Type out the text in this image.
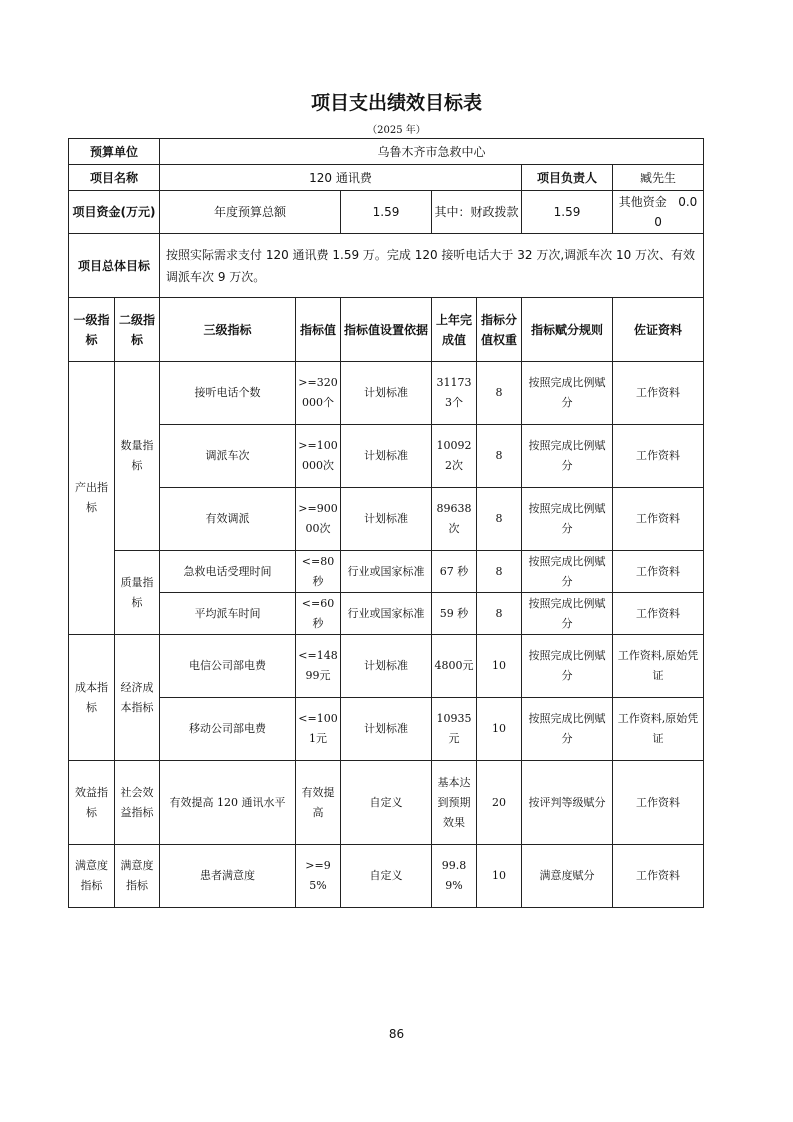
项目支出绩效目标表
（2025 年）
预算单位		乌鲁木齐市急救中心						
项目名称		120 通讯费					项目负责人	臧先生
项目资金(万元)		年度预算总额		1.59	其中：财政拨款		1.59	其他资金 0.00
项目总体目标		按照实际需求支付 120 通讯费 1.59 万。完成 120 接听电话大于 32 万次,调派车次 10 万次、有效调派车次 9 万次。						
一级指标	二级指标	三级指标	指标值	指标值设置依据	上年完成值	指标分值权重	指标赋分规则	佐证资料
产出指标	数量指标	接听电话个数	>=320000个	计划标准	311733个	8	按照完成比例赋分	工作资料
		调派车次	>=100000次	计划标准	100922次	8	按照完成比例赋分	工作资料
		有效调派	>=90000次	计划标准	89638次	8	按照完成比例赋分	工作资料
	质量指标	急救电话受理时间	<=80秒	行业或国家标准	67 秒	8	按照完成比例赋分	工作资料
		平均派车时间	<=60秒	行业或国家标准	59 秒	8	按照完成比例赋分	工作资料
成本指标	经济成本指标	电信公司部电费	<=14899元	计划标准	4800元	10	按照完成比例赋分	工作资料,原始凭证
		移动公司部电费	<=1001元	计划标准	10935元	10	按照完成比例赋分	工作资料,原始凭证
效益指标	社会效益指标	有效提高 120 通讯水平	有效提高	自定义	基本达到预期效果	20	按评判等级赋分	工作资料
满意度指标	满意度指标	患者满意度	>=95%	自定义	99.89%	10	满意度赋分	工作资料
86
